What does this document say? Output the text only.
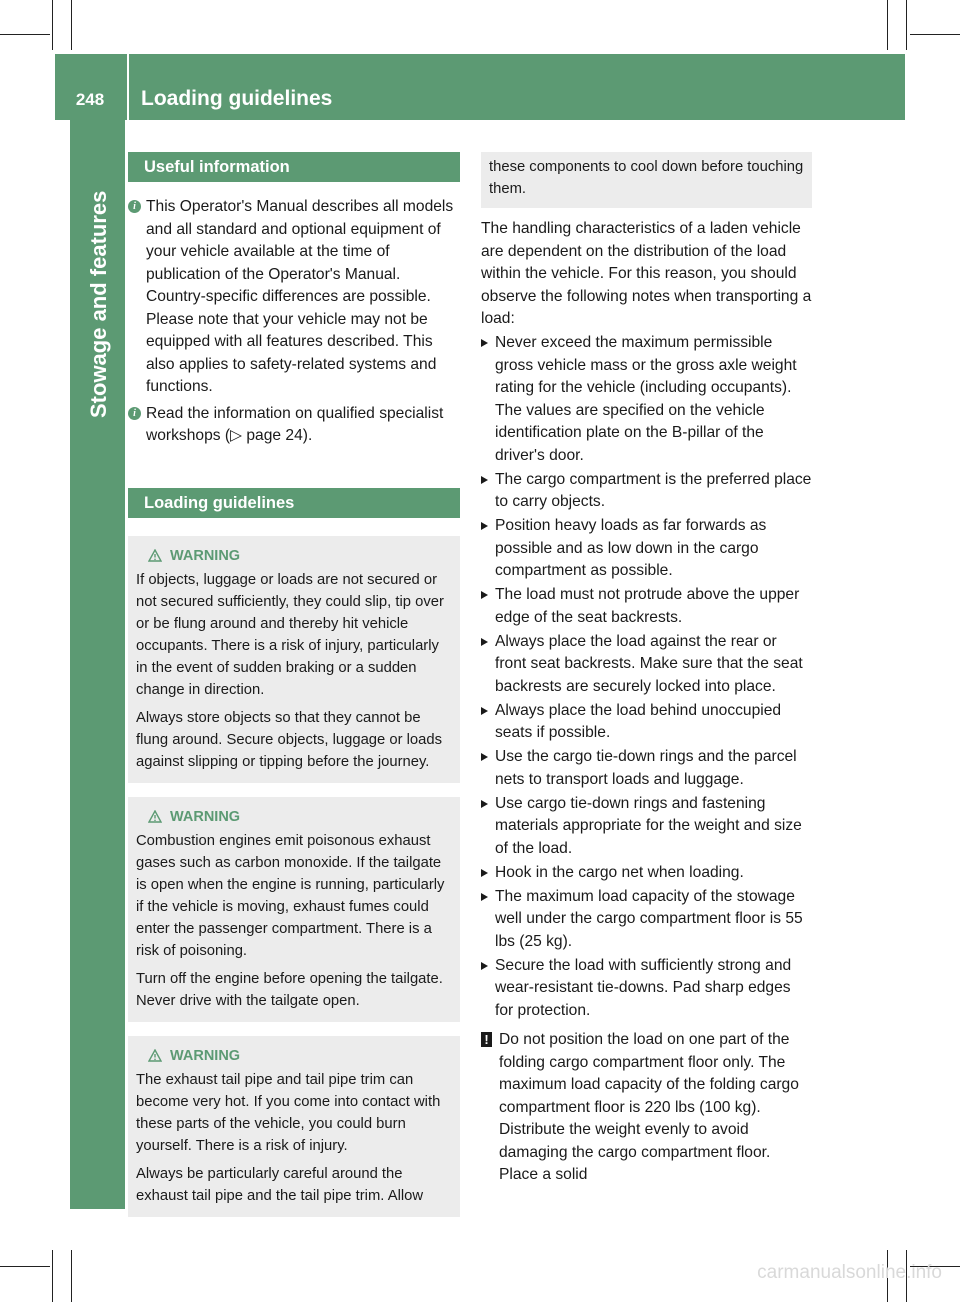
248	Loading guidelines
Stowage and features
Useful information
i This Operator's Manual describes all models and all standard and optional equipment of your vehicle available at the time of publication of the Operator's Manual. Country-specific differences are possible. Please note that your vehicle may not be equipped with all features described. This also applies to safety-related systems and functions.
i Read the information on qualified specialist workshops (▷ page 24).
Loading guidelines
WARNING

If objects, luggage or loads are not secured or not secured sufficiently, they could slip, tip over or be flung around and thereby hit vehicle occupants. There is a risk of injury, particularly in the event of sudden braking or a sudden change in direction.

Always store objects so that they cannot be flung around. Secure objects, luggage or loads against slipping or tipping before the journey.

WARNING

Combustion engines emit poisonous exhaust gases such as carbon monoxide. If the tailgate is open when the engine is running, particularly if the vehicle is moving, exhaust fumes could enter the passenger compartment. There is a risk of poisoning.

Turn off the engine before opening the tailgate. Never drive with the tailgate open.

WARNING

The exhaust tail pipe and tail pipe trim can become very hot. If you come into contact with these parts of the vehicle, you could burn yourself. There is a risk of injury.

Always be particularly careful around the exhaust tail pipe and the tail pipe trim. Allow

these components to cool down before touching them.

The handling characteristics of a laden vehicle are dependent on the distribution of the load within the vehicle. For this reason, you should observe the following notes when transporting a load:

Never exceed the maximum permissible gross vehicle mass or the gross axle weight rating for the vehicle (including occupants). The values are specified on the vehicle identification plate on the B-pillar of the driver's door.
The cargo compartment is the preferred place to carry objects.
Position heavy loads as far forwards as possible and as low down in the cargo compartment as possible.
The load must not protrude above the upper edge of the seat backrests.
Always place the load against the rear or front seat backrests. Make sure that the seat backrests are securely locked into place.
Always place the load behind unoccupied seats if possible.
Use the cargo tie-down rings and the parcel nets to transport loads and luggage.
Use cargo tie-down rings and fastening materials appropriate for the weight and size of the load.
Hook in the cargo net when loading.
The maximum load capacity of the stowage well under the cargo compartment floor is 55 lbs (25 kg).
Secure the load with sufficiently strong and wear-resistant tie-downs. Pad sharp edges for protection.
! Do not position the load on one part of the folding cargo compartment floor only. The maximum load capacity of the folding cargo compartment floor is 220 lbs (100 kg). Distribute the weight evenly to avoid damaging the cargo compartment floor. Place a solid
carmanualsonline.info
